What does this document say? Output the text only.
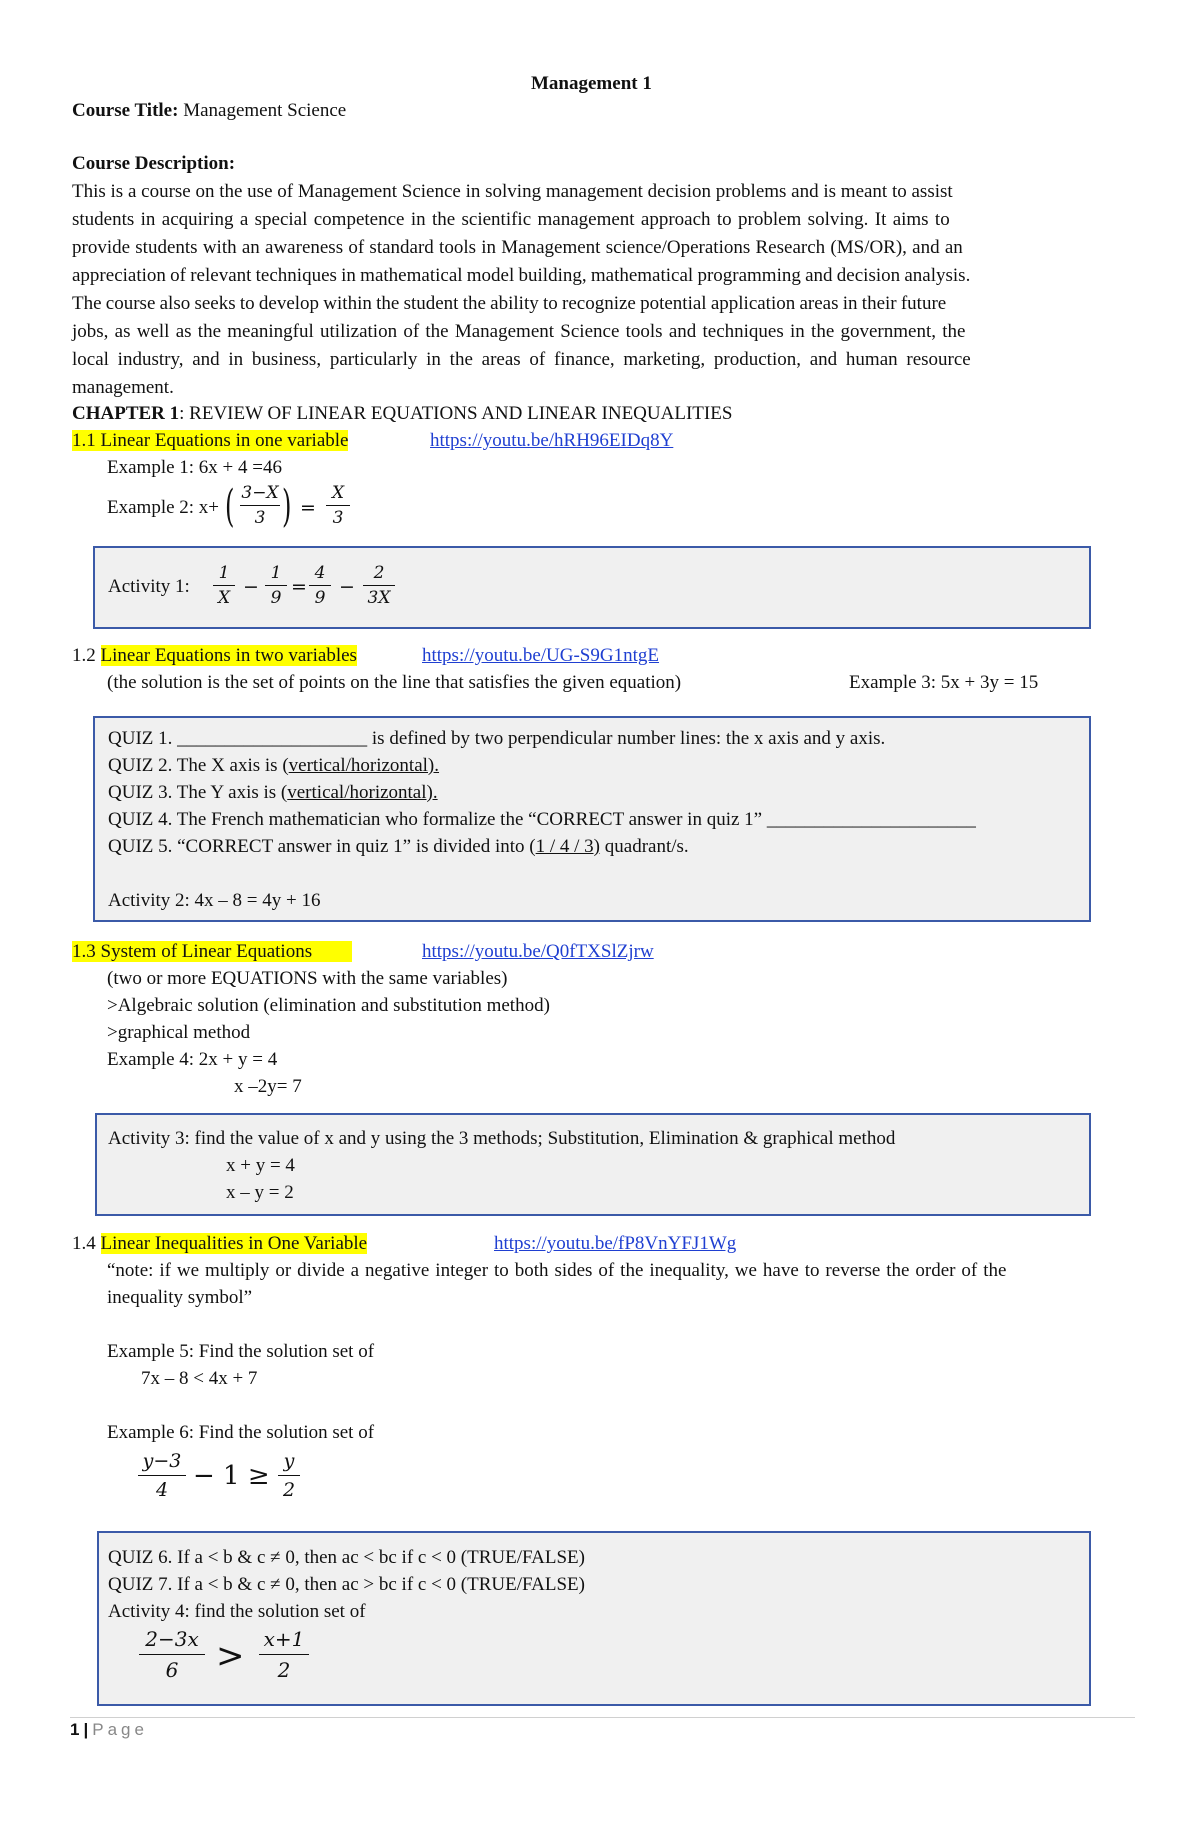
Management 1
Course Title: Management Science
Course Description:
This is a course on the use of Management Science in solving management decision problems and is meant to assist
students in acquiring a special competence in the scientific management approach to problem solving. It aims to
provide students with an awareness of standard tools in Management science/Operations Research (MS/OR), and an
appreciation of relevant techniques in mathematical model building, mathematical programming and decision analysis.
The course also seeks to develop within the student the ability to recognize potential application areas in their future
jobs, as well as the meaningful utilization of the Management Science tools and techniques in the government, the
local industry, and in business, particularly in the areas of finance, marketing, production, and human resource
management.
CHAPTER 1: REVIEW OF LINEAR EQUATIONS AND LINEAR INEQUALITIES
1.1 Linear Equations in one variable	https://youtu.be/hRH96EIDq8Y
Example 1: 6x + 4 =46
Example 2: x+ ( 3−X
3 ) =
X
3
Activity 1:
1
X −
1
9 =
4
9 −
2
3X
1.2 Linear Equations in two variables	https://youtu.be/UG-S9G1ntgE
(the solution is the set of points on the line that satisfies the given equation)	Example 3: 5x + 3y = 15
QUIZ 1. ____________________ is defined by two perpendicular number lines: the x axis and y axis.
QUIZ 2. The X axis is (vertical/horizontal).
QUIZ 3. The Y axis is (vertical/horizontal).
QUIZ 4. The French mathematician who formalize the “CORRECT answer in quiz 1” ______________________
QUIZ 5. “CORRECT answer in quiz 1” is divided into (1 / 4 / 3) quadrant/s.
Activity 2: 4x – 8 = 4y + 16
1.3 System of Linear Equations	https://youtu.be/Q0fTXSlZjrw
(two or more EQUATIONS with the same variables)
>Algebraic solution (elimination and substitution method)
>graphical method
Example 4: 2x + y = 4
x –2y= 7
Activity 3: find the value of x and y using the 3 methods; Substitution, Elimination & graphical method
x + y = 4
x – y = 2
1.4 Linear Inequalities in One Variable	https://youtu.be/fP8VnYFJ1Wg
“note: if we multiply or divide a negative integer to both sides of the inequality, we have to reverse the order of the
inequality symbol”
Example 5: Find the solution set of
7x – 8 < 4x + 7
Example 6: Find the solution set of
y−3
4 − 1 ≥ y
2
QUIZ 6. If a < b & c ≠ 0, then ac < bc if c < 0 (TRUE/FALSE)
QUIZ 7. If a < b & c ≠ 0, then ac > bc if c < 0 (TRUE/FALSE)
Activity 4: find the solution set of
2−3x
6	> x+1
2
1 | Page
